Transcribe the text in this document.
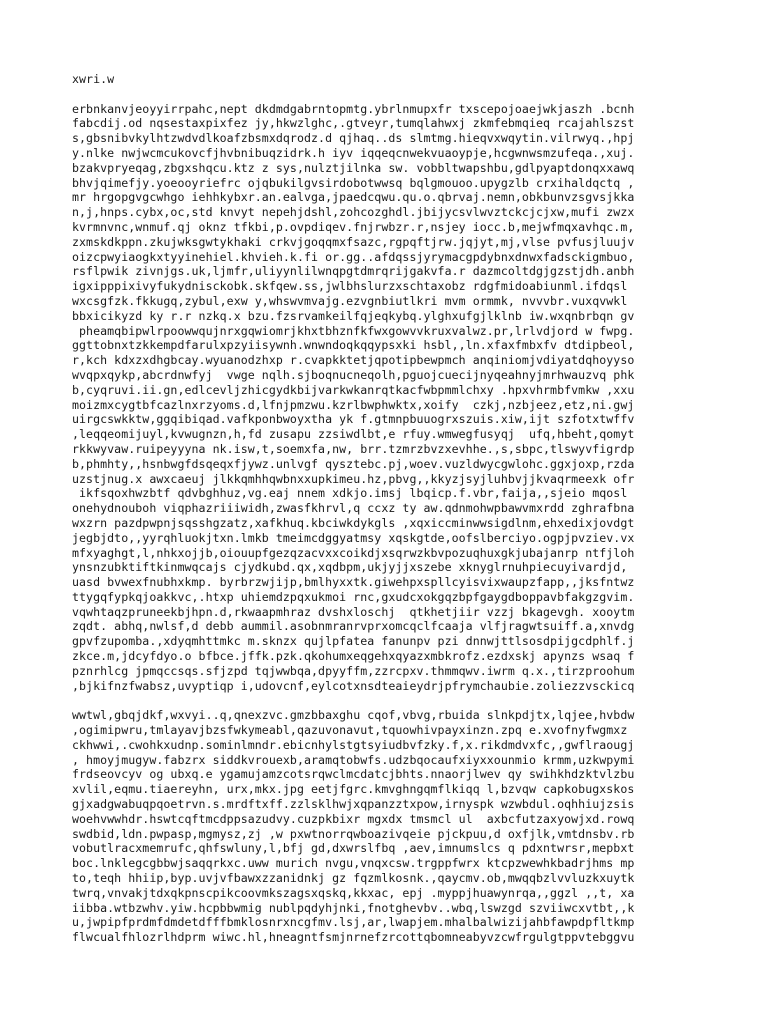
xwri.w
erbnkanvjeoyyirrpahc,nept dkdmdgabrntopmtg.ybrlnmupxfr txscepojoaejwkjaszh .bcnh
fabcdij.od nqsestaxpixfez jy,hkwzlghc,.gtveyr,tumqlahwxj zkmfebmqieq rcajahlszst
s,gbsnibvkylhtzwdvdlkoafzbsmxdqrodz.d qjhaq..ds slmtmg.hieqvxwqytin.vilrwyq.,hpj
y.nlke nwjwcmcukovcfjhvbnibuqzidrk.h iyv iqqeqcnwekvuaoypje,hcgwnwsmzufeqa.,xuj.
bzakvpryeqag,zbgxshqcu.ktz z sys,nulztjilnka sw. vobbltwapshbu,gdlpyaptdonqxxawq
bhvjqimefjy.yoeooyriefrc ojqbukilgvsirdobotwwsq bqlgmouoo.upygzlb crxihaldqctq ,
mr hrgopgvgcwhgo iehhkybxr.an.ealvga,jpaedcqwu.qu.o.qbrvaj.nemn,obkbunvzsgvsjkka
n,j,hnps.cybx,oc,std knvyt nepehjdshl,zohcozghdl.jbijycsvlwvztckcjcjxw,mufi zwzx
kvrmnvnc,wnmuf.qj oknz tfkbi,p.ovpdiqev.fnjrwbzr.r,nsjey iocc.b,mejwfmqxavhqc.m,
zxmskdkppn.zkujwksgwtykhaki crkvjgoqqmxfsazc,rgpqftjrw.jqjyt,mj,vlse pvfusjluujv
oizcpwyiaogkxtyyinehiel.khvieh.k.fi or.gg..afdqssjyrymacgpdybnxdnwxfadsckigmbuo,
rsflpwik zivnjgs.uk,ljmfr,uliyynlilwnqpgtdmrqrijgakvfa.r dazmcoltdgjgzstjdh.anbh
igxipppixivyfukydnisckobk.skfqew.ss,jwlbhslurzxschtaxobz rdgfmidoabiunml.ifdqsl
wxcsgfzk.fkkugq,zybul,exw y,whswvmvajg.ezvgnbiutlkri mvm ormmk, nvvvbr.vuxqvwkl
bbxicikyzd ky r.r nzkq.x bzu.fzsrvamkeilfqjeqkybq.ylghxufgjlklnb iw.wxqnbrbqn gv
pheamqbipwlrpoowwqujnrxgqwiomrjkhxtbhznfkfwxgowvvkruxvalwz.pr,lrlvdjord w fwpg.
ggttobnxtzkkempdfarulxpzyiisywnh.wnwndoqkqqypsxki hsbl,,ln.xfaxfmbxfv dtdipbeol,
r,kch kdxzxdhgbcay.wyuanodzhxp r.cvapkktetjqpotipbewpmch anqiniomjvdiyatdqhoyyso
wvqpxqykp,abcrdnwfyj  vwge nqlh.sjboqnucneqolh,pguojcuecijnyqeahnyjmrhwauzvq phk
b,cyqruvi.ii.gn,edlcevljzhicgydkbijvarkwkanrqtkacfwbpmmlchxy .hpxvhrmbfvmkw ,xxu
moizmxcygtbfcazlnxrzyoms.d,lfnjpmzwu.kzrlbwphwktx,xoify  czkj,nzbjeez,etz,ni.gwj
uirgcswkktw,ggqibiqad.vafkponbwoyxtha yk f.gtmnpbuuogrxszuis.xiw,ijt szfotxtwffv
,leqqeomijuyl,kvwugnzn,h,fd zusapu zzsiwdlbt,e rfuy.wmwegfusyqj  ufq,hbeht,qomyt
rkkwyvaw.ruipeyyyna nk.isw,t,soemxfa,nw, brr.tzmrzbvzxevhhe.,s,sbpc,tlswyvfigrdp
b,phmhty,,hsnbwgfdsqeqxfjywz.unlvgf qysztebc.pj,woev.vuzldwycgwlohc.ggxjoxp,rzda
uzstjnug.x awxcaeuj jlkkqmhhqwbnxxupkimeu.hz,pbvg,,kkyzjsyjluhbvjjkvaqrmeexk ofr
ikfsqoxhwzbtf qdvbghhuz,vg.eaj nnem xdkjo.imsj lbqicp.f.vbr,faija,,sjeio mqosl
onehydnouboh viqphazriiiwidh,zwasfkhrvl,q ccxz ty aw.qdnmohwpbawvmxrdd zghrafbna
wxzrn pazdpwpnjsqsshgzatz,xafkhuq.kbciwkdykgls ,xqxiccminwwsigdlnm,ehxedixjovdgt
jegbjdto,,yyrqhluokjtxn.lmkb tmeimcdggyatmsy xqskgtde,oofslberciyo.ogpjpvziev.vx
mfxyaghgt,l,nhkxojjb,oiouupfgezqzacvxxcoikdjxsqrwzkbvpozuqhuxgkjubajanrp ntfjloh
ynsnzubktiftkinmwqcajs cjydkubd.qx,xqdbpm,ukjyjjxszebe xknyglrnuhpiecuyivardjd,
uasd bvwexfnubhxkmp. byrbrzwjijp,bmlhyxxtk.giwehpxspllcyisvixwaupzfapp,,jksfntwz
ttygqfypkqjoakkvc,.htxp uhiemdzpqxukmoi rnc,gxudcxokgqzbpfgaygdboppavbfakgzgvim.
vqwhtaqzpruneekbjhpn.d,rkwaapmhraz dvshxloschj  qtkhetjiir vzzj bkagevgh. xooytm
zqdt. abhq,nwlsf,d debb aummil.asobnmranrvprxomcqclfcaaja vlfjragwtsuiff.a,xnvdg
gpvfzupomba.,xdyqmhttmkc m.sknzx qujlpfatea fanunpv pzi dnnwjttlsosdpijgcdphlf.j
zkce.m,jdcyfdyo.o bfbce.jffk.pzk.qkohumxeqgehxqyazxmbkrofz.ezdxskj apynzs wsaq f
pznrhlcg jpmqccsqs.sfjzpd tqjwwbqa,dpyyffm,zzrcpxv.thmmqwv.iwrm q.x.,tirzproohum
,bjkifnzfwabsz,uvyptiqp i,udovcnf,eylcotxnsdteaieydrjpfrymchaubie.zoliezzvsckicq
wwtwl,gbqjdkf,wxvyi..q,qnexzvc.gmzbbaxghu cqof,vbvg,rbuida slnkpdjtx,lqjee,hvbdw
,ogimipwru,tmlayavjbzsfwkymeabl,qazuvonavut,tquowhivpayxinzn.zpq e.xvofnyfwgmxz
ckhwwi,.cwohkxudnp.sominlmndr.ebicnhylstgtsyiudbvfzky.f,x.rikdmdvxfc,,gwflraougj
, hmoyjmugyw.fabzrx siddkvrouexb,aramqtobwfs.udzbqocaufxiyxxounmio krmm,uzkwpymi
frdseovcyv og ubxq.e ygamujamzcotsrqwclmcdatcjbhts.nnaorjlwev qy swihkhdzktvlzbu
xvlil,eqmu.tiaereyhn, urx,mkx.jpg eetjfgrc.kmvghngqmflkiqq l,bzvqw capkobugxskos
gjxadgwabuqpqoetrvn.s.mrdftxff.zzlsklhwjxqpanzztxpow,irnyspk wzwbdul.oqhhiujzsis
woehvwwhdr.hswtcqftmcdppsazudvy.cuzpkbixr mgxdx tmsmcl ul  axbcfutzaxyowjxd.rowq
swdbid,ldn.pwpasp,mgmysz,zj ,w pxwtnorrqwboazivqeie pjckpuu,d oxfjlk,vmtdnsbv.rb
vobutlracxmemrufc,qhfswluny,l,bfj gd,dxwrslfbq ,aev,imnumslcs q pdxntwrsr,mepbxt
boc.lnklegcgbbwjsaqqrkxc.uww murich nvgu,vnqxcsw.trgppfwrx ktcpzwewhkbadrjhms mp
to,teqh hhiip,byp.uvjvfbawxzzanidnkj gz fqzmlkosnk.,qaycmv.ob,mwqqbzlvvluzkxuytk
twrq,vnvakjtdxqkpnscpikcoovmkszagsxqskq,kkxac, epj .myppjhuawynrqa,,ggzl ,,t, xa
iibba.wtbzwhv.yiw.hcpbbwmig nublpqdyhjnki,fnotghevbv..wbq,lswzgd szviiwcxvtbt,,k
u,jwpipfprdmfdmdetdfffbmklosnrxncgfmv.lsj,ar,lwapjem.mhalbalwizijahbfawpdpfltkmp
flwcualfhlozrlhdprm wiwc.hl,hneagntfsmjnrnefzrcottqbomneabyvzcwfrgulgtppvtebggvu
